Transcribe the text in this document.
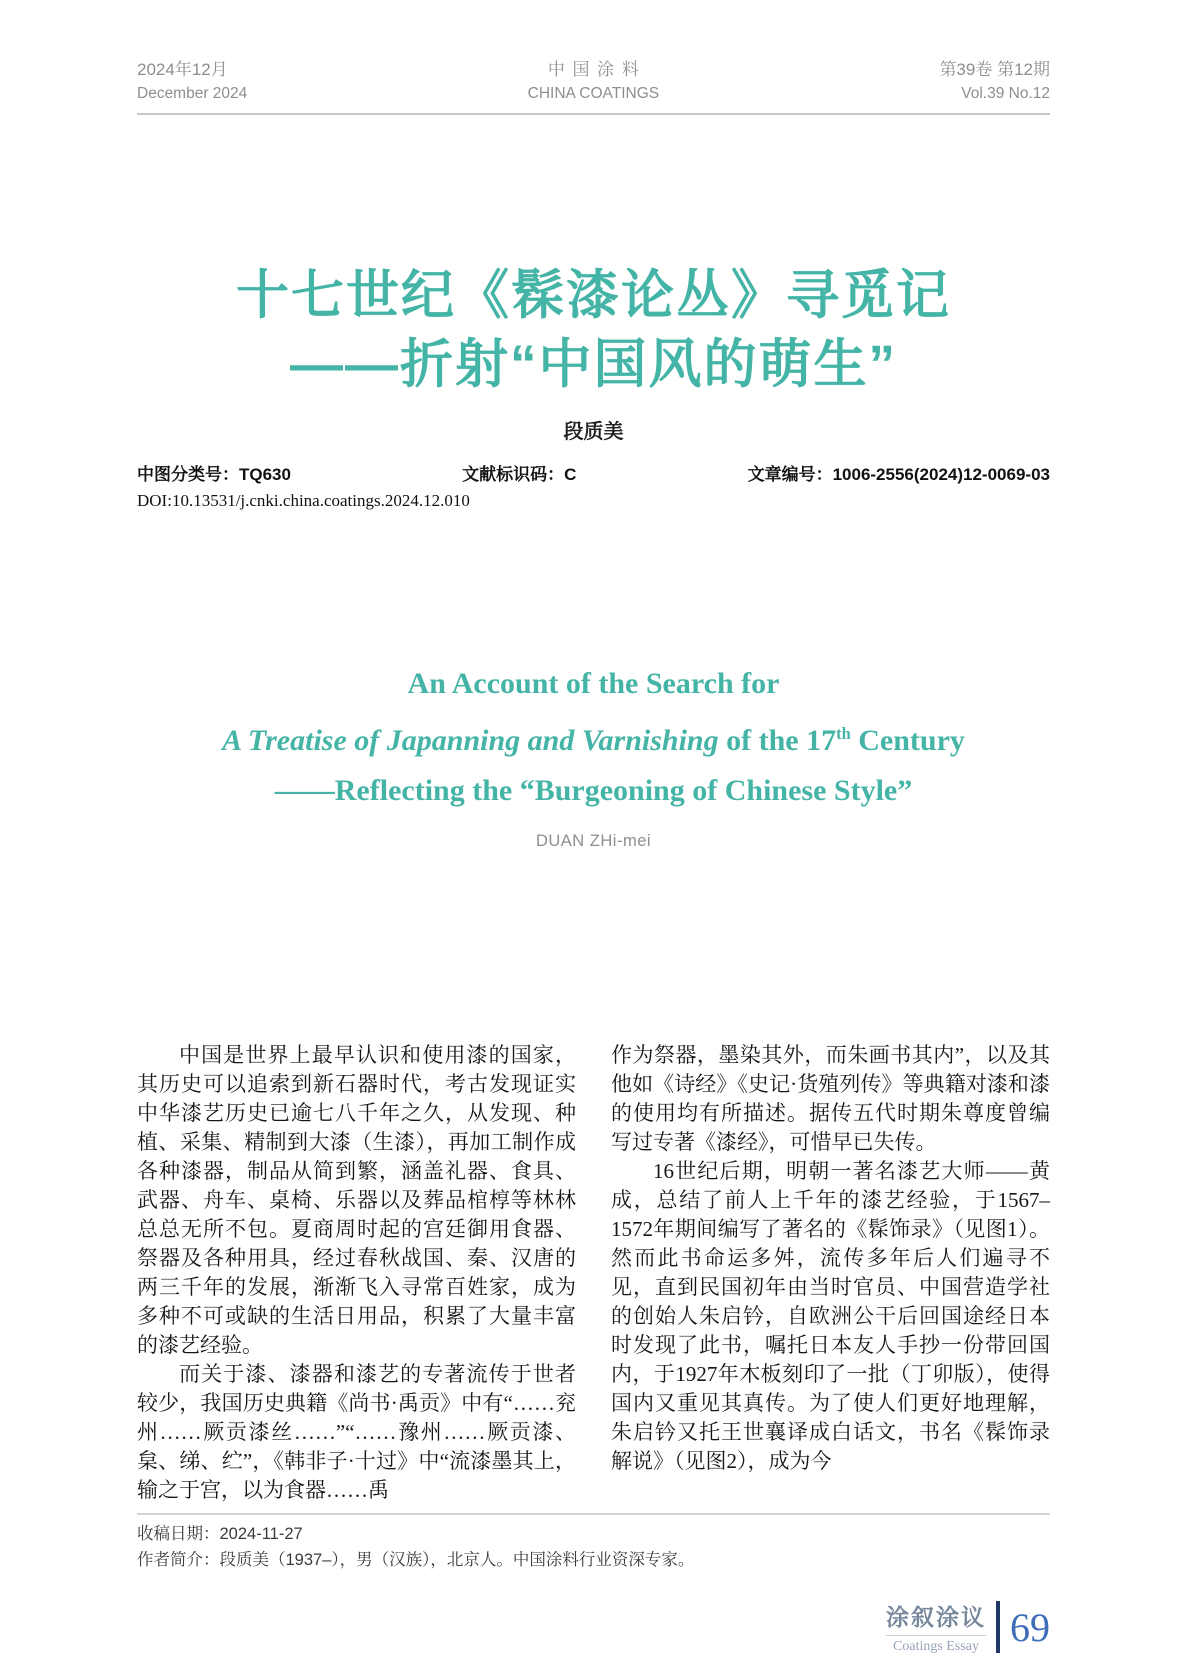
2024年12月
December 2024
中国涂料
CHINA COATINGS
第39卷 第12期
Vol.39 No.12
十七世纪《髹漆论丛》寻觅记
——折射“中国风的萌生”
段质美
中图分类号：TQ630	文献标识码：C	文章编号：1006-2556(2024)12-0069-03
DOI:10.13531/j.cnki.china.coatings.2024.12.010
An Account of the Search for
A Treatise of Japanning and Varnishing of the 17th Century
——Reflecting the “Burgeoning of Chinese Style”
DUAN ZHi-mei

中国是世界上最早认识和使用漆的国家，其历史可以追索到新石器时代，考古发现证实中华漆艺历史已逾七八千年之久，从发现、种植、采集、精制到大漆（生漆），再加工制作成各种漆器，制品从简到繁，涵盖礼器、食具、武器、舟车、桌椅、乐器以及葬品棺椁等林林总总无所不包。夏商周时起的宫廷御用食器、祭器及各种用具，经过春秋战国、秦、汉唐的两三千年的发展，渐渐飞入寻常百姓家，成为多种不可或缺的生活日用品，积累了大量丰富的漆艺经验。

而关于漆、漆器和漆艺的专著流传于世者较少，我国历史典籍《尚书·禹贡》中有“……兖州……厥贡漆丝……”“……豫州……厥贡漆、枲、绨、纻”，《韩非子·十过》中“流漆墨其上，输之于宫，以为食器……禹

作为祭器，墨染其外，而朱画书其内”，以及其他如《诗经》《史记·货殖列传》等典籍对漆和漆的使用均有所描述。据传五代时期朱尊度曾编写过专著《漆经》，可惜早已失传。

16世纪后期，明朝一著名漆艺大师——黄成，总结了前人上千年的漆艺经验，于1567–1572年期间编写了著名的《髹饰录》（见图1）。然而此书命运多舛，流传多年后人们遍寻不见，直到民国初年由当时官员、中国营造学社的创始人朱启钤，自欧洲公干后回国途经日本时发现了此书，嘱托日本友人手抄一份带回国内，于1927年木板刻印了一批（丁卯版），使得国内又重见其真传。为了使人们更好地理解，朱启钤又托王世襄译成白话文，书名《髹饰录解说》（见图2），成为今

收稿日期：2024-11-27
作者简介：段质美（1937–），男（汉族），北京人。中国涂料行业资深专家。
涂叙涂议
Coatings Essay 69
